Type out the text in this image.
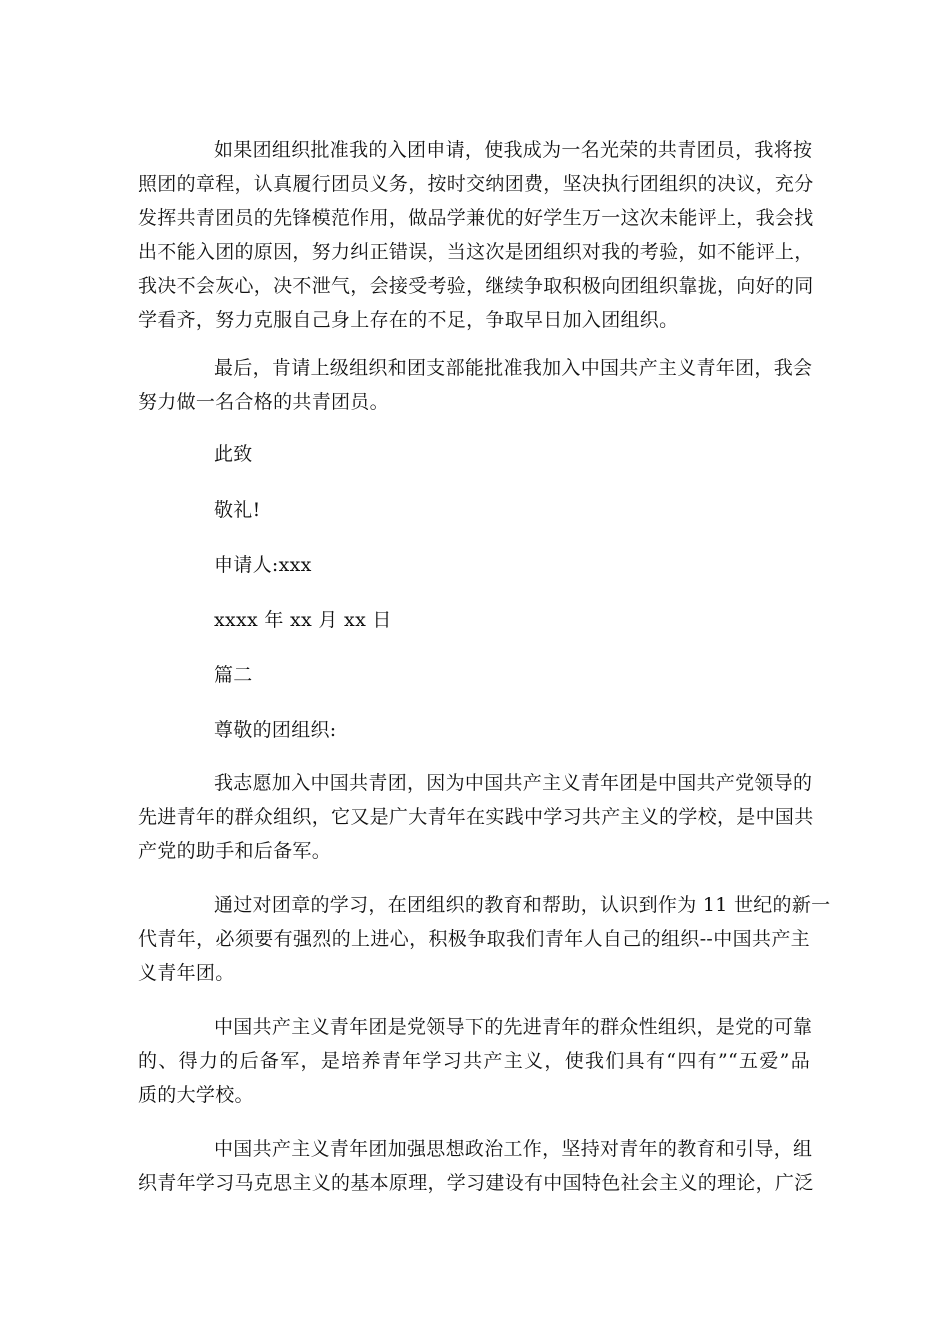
如果团组织批准我的入团申请，使我成为一名光荣的共青团员，我将按
照团的章程，认真履行团员义务，按时交纳团费，坚决执行团组织的决议，充分
发挥共青团员的先锋模范作用，做品学兼优的好学生万一这次未能评上，我会找
出不能入团的原因，努力纠正错误，当这次是团组织对我的考验，如不能评上，
我决不会灰心，决不泄气，会接受考验，继续争取积极向团组织靠拢，向好的同
学看齐，努力克服自己身上存在的不足，争取早日加入团组织。
最后，肯请上级组织和团支部能批准我加入中国共产主义青年团，我会
努力做一名合格的共青团员。

此致

敬礼!

申请人:xxx

xxxx 年 xx 月 xx 日

篇二

尊敬的团组织:

我志愿加入中国共青团，因为中国共产主义青年团是中国共产党领导的
先进青年的群众组织，它又是广大青年在实践中学习共产主义的学校，是中国共
产党的助手和后备军。
通过对团章的学习，在团组织的教育和帮助，认识到作为 11 世纪的新一
代青年，必须要有强烈的上进心，积极争取我们青年人自己的组织--中国共产主
义青年团。
中国共产主义青年团是党领导下的先进青年的群众性组织，是党的可靠
的、得力的后备军，是培养青年学习共产主义，使我们具有“四有”“五爱”品
质的大学校。
中国共产主义青年团加强思想政治工作，坚持对青年的教育和引导，组
织青年学习马克思主义的基本原理，学习建设有中国特色社会主义的理论，广泛
